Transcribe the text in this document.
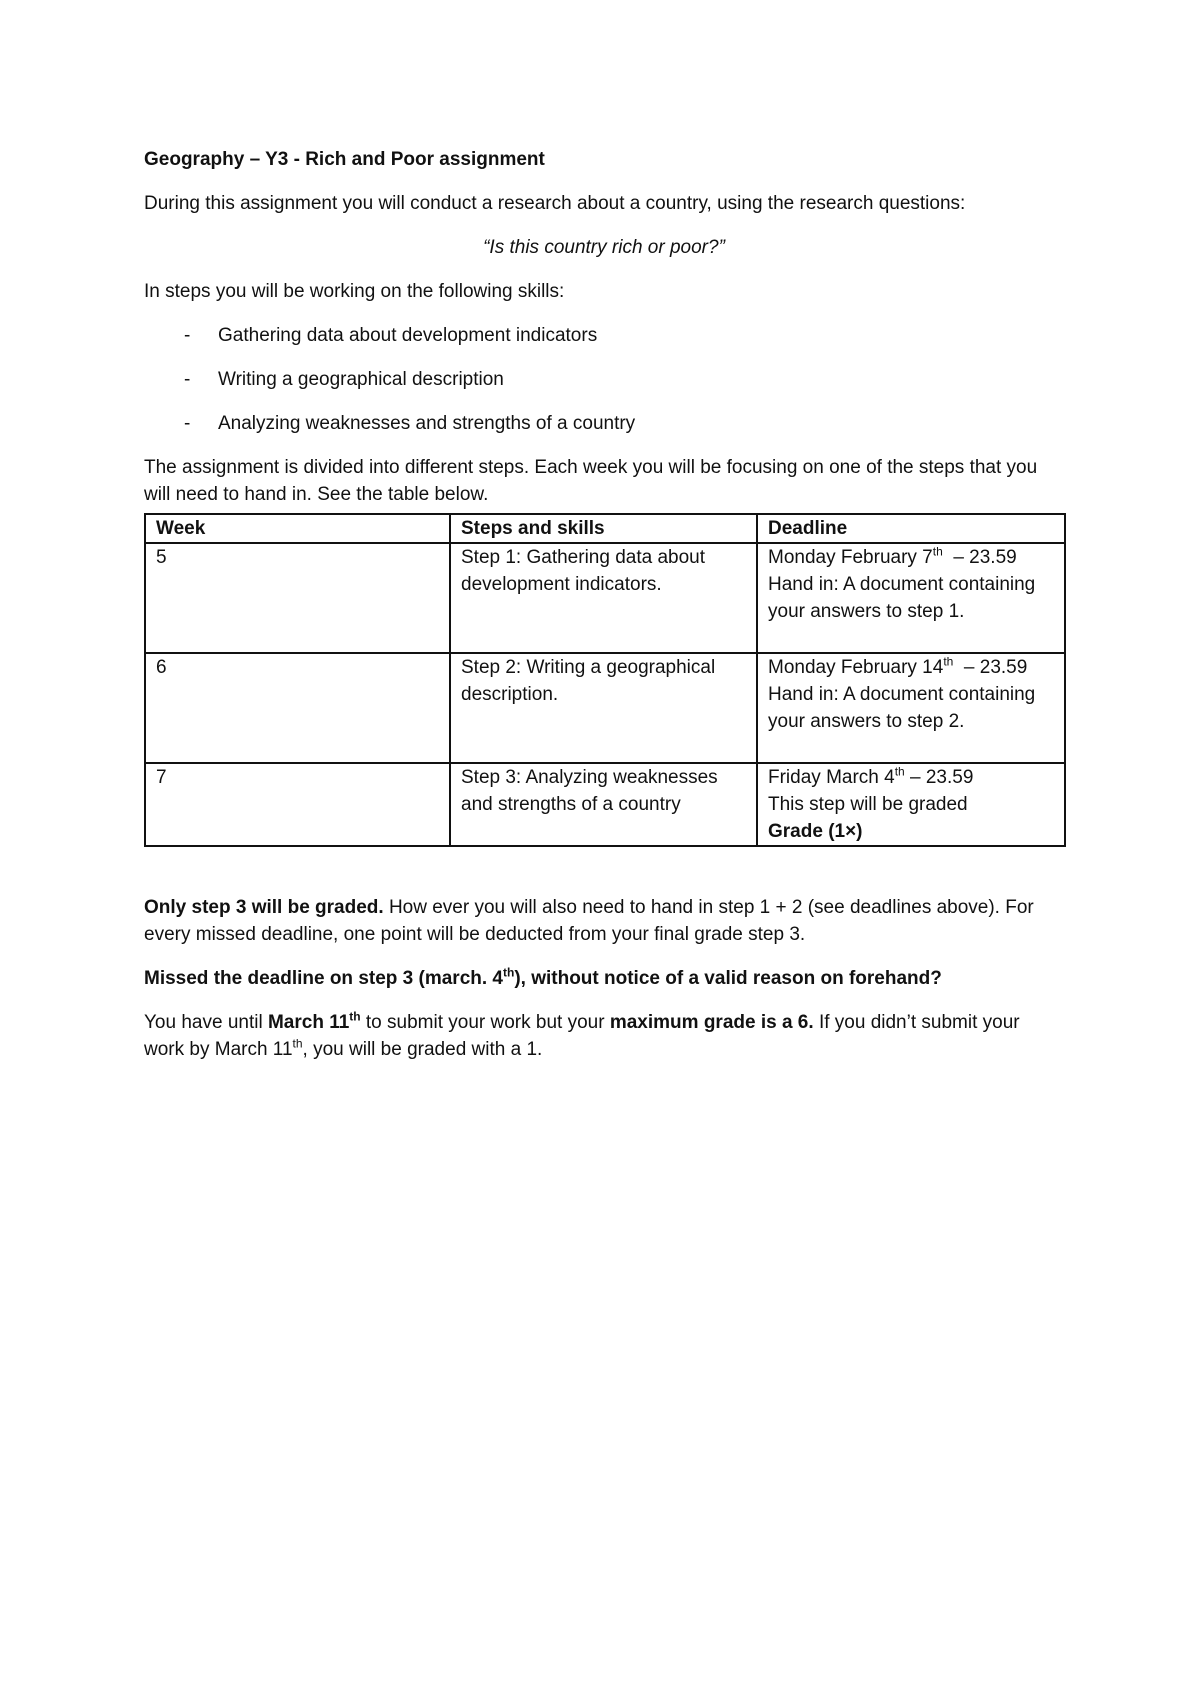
Geography – Y3 - Rich and Poor assignment

During this assignment you will conduct a research about a country, using the research questions:

“Is this country rich or poor?”

In steps you will be working on the following skills:

- Gathering data about development indicators
- Writing a geographical description
- Analyzing weaknesses and strengths of a country

The assignment is divided into different steps. Each week you will be focusing on one of the steps that you will need to hand in. See the table below.

Week	Steps and skills	Deadline
5	Step 1: Gathering data about development indicators.	Monday February 7th  – 23.59
Hand in: A document containing your answers to step 1.

6	Step 2: Writing a geographical description.	Monday February 14th  – 23.59
Hand in: A document containing your answers to step 2.

7	Step 3: Analyzing weaknesses and strengths of a country	Friday March 4th – 23.59
This step will be graded
Grade (1×)

Only step 3 will be graded. How ever you will also need to hand in step 1 + 2 (see deadlines above). For every missed deadline, one point will be deducted from your final grade step 3.

Missed the deadline on step 3 (march. 4th), without notice of a valid reason on forehand?

You have until March 11th to submit your work but your maximum grade is a 6. If you didn’t submit your work by March 11th, you will be graded with a 1.
